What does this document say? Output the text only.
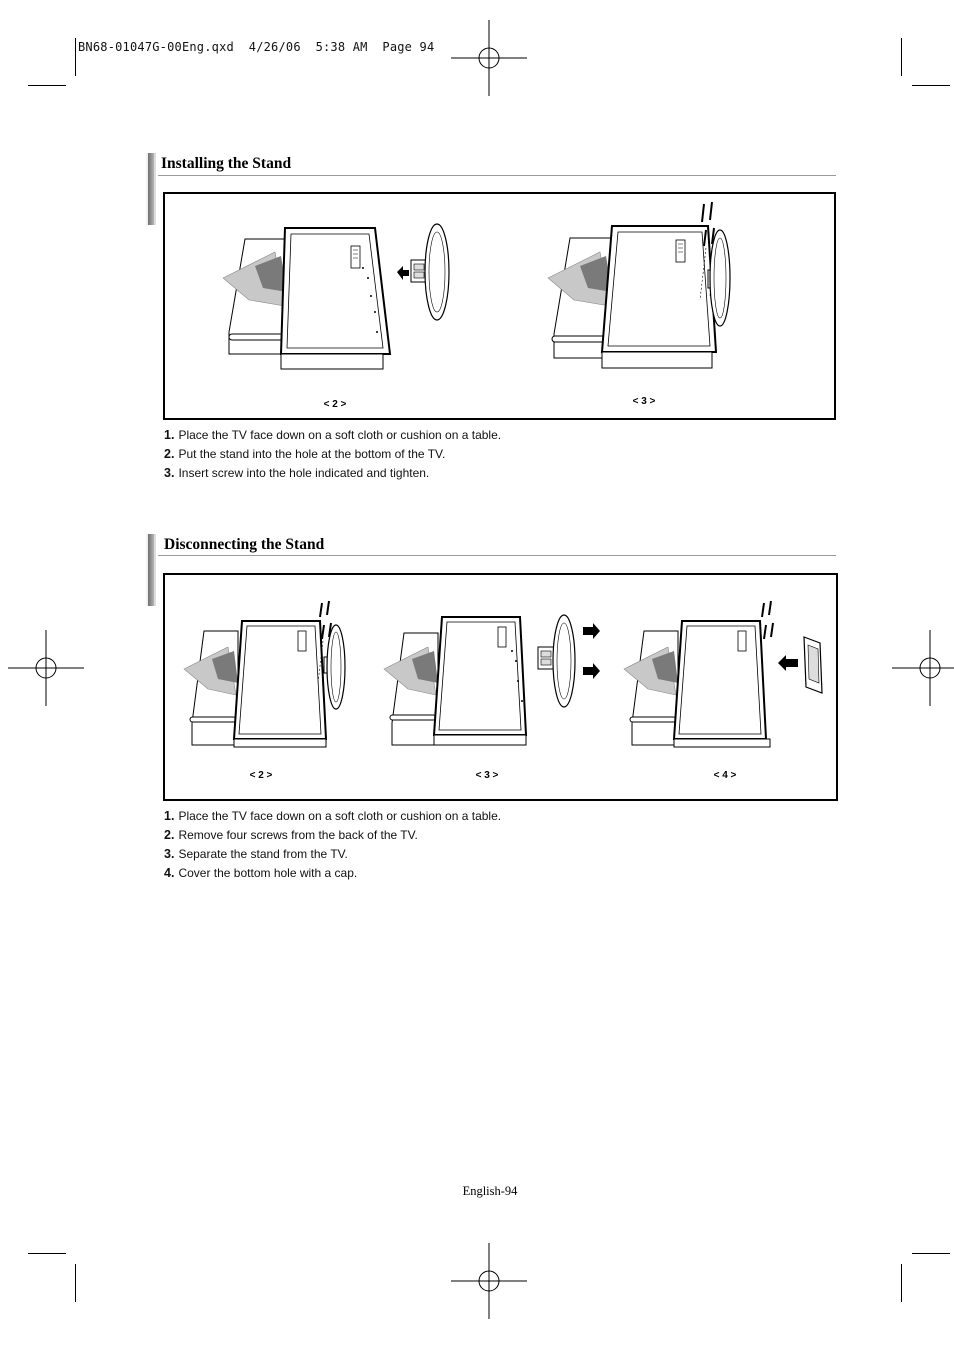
BN68-01047G-00Eng.qxd  4/26/06  5:38 AM  Page 94
Installing the Stand
< 2 >	< 3 >
1. Place the TV face down on a soft cloth or cushion on a table.
2. Put the stand into the hole at the bottom of the TV.
3. Insert screw into the hole indicated and tighten.
Disconnecting the Stand
< 2 >	< 3 >	< 4 >
1. Place the TV face down on a soft cloth or cushion on a table.
2. Remove four screws from the back of the TV.
3. Separate the stand from the TV.
4. Cover the bottom hole with a cap.
English-94
